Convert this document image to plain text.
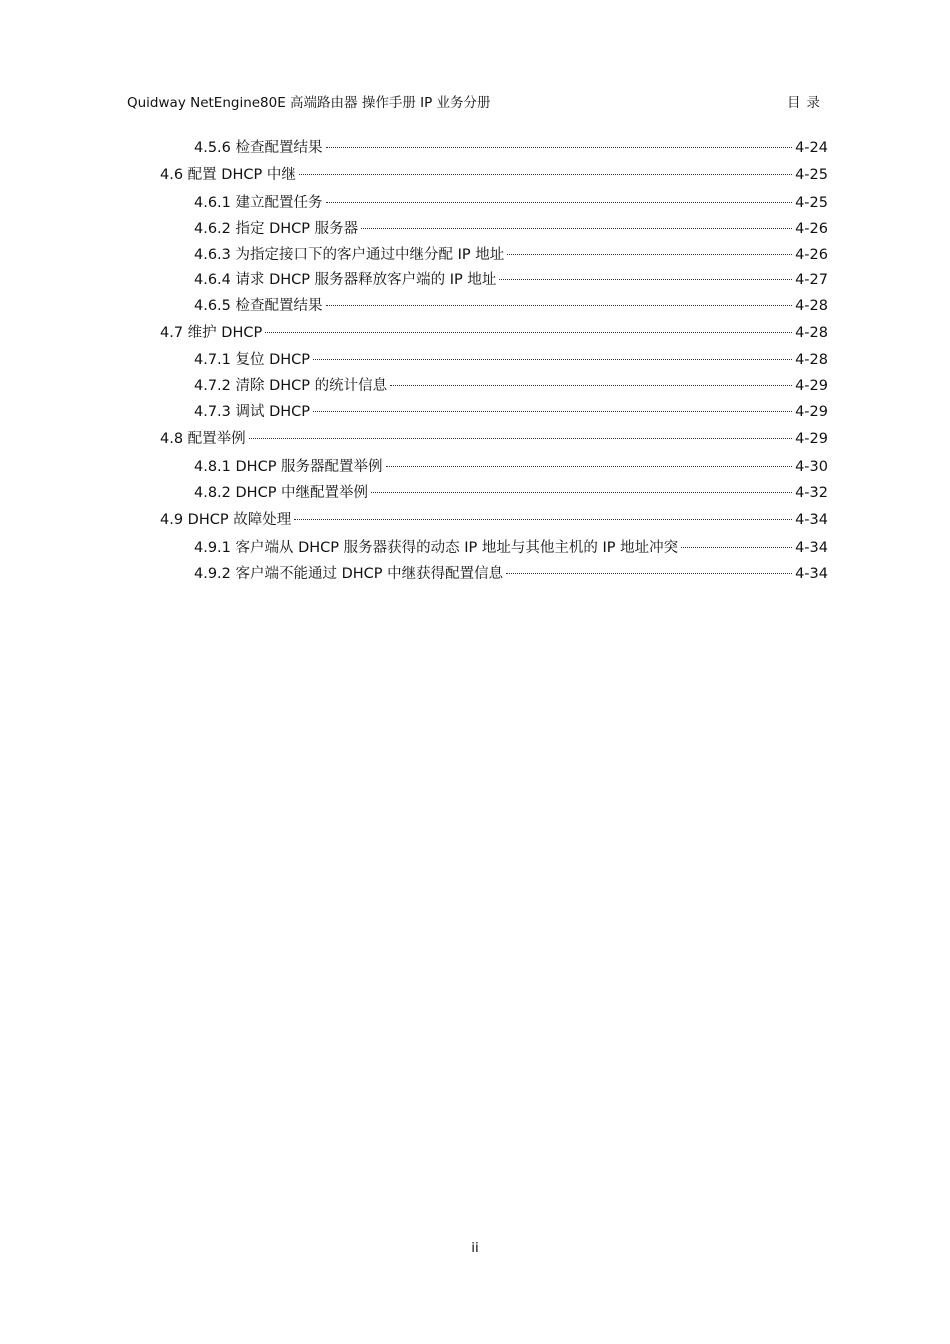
Quidway NetEngine80E 高端路由器 操作手册 IP 业务分册	目录
4.5.6 检查配置结果	4-24
4.6 配置 DHCP 中继	4-25
4.6.1 建立配置任务	4-25
4.6.2 指定 DHCP 服务器	4-26
4.6.3 为指定接口下的客户通过中继分配 IP 地址	4-26
4.6.4 请求 DHCP 服务器释放客户端的 IP 地址	4-27
4.6.5 检查配置结果	4-28
4.7 维护 DHCP	4-28
4.7.1 复位 DHCP	4-28
4.7.2 清除 DHCP 的统计信息	4-29
4.7.3 调试 DHCP	4-29
4.8 配置举例	4-29
4.8.1 DHCP 服务器配置举例	4-30
4.8.2 DHCP 中继配置举例	4-32
4.9 DHCP 故障处理	4-34
4.9.1 客户端从 DHCP 服务器获得的动态 IP 地址与其他主机的 IP 地址冲突	4-34
4.9.2 客户端不能通过 DHCP 中继获得配置信息	4-34
ii
